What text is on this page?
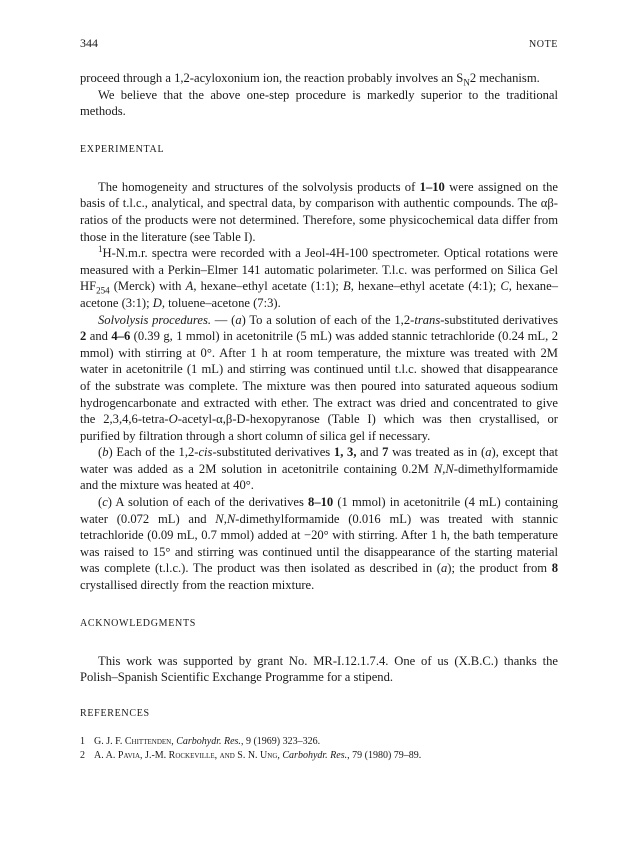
344	NOTE

proceed through a 1,2-acyloxonium ion, the reaction probably involves an $S_N2$ mechanism.

We believe that the above one-step procedure is markedly superior to the traditional methods.

EXPERIMENTAL

The homogeneity and structures of the solvolysis products of 1–10 were assigned on the basis of t.l.c., analytical, and spectral data, by comparison with authentic compounds. The αβ-ratios of the products were not determined. Therefore, some physicochemical data differ from those in the literature (see Table I).

$^1$H-N.m.r. spectra were recorded with a Jeol-4H-100 spectrometer. Optical rotations were measured with a Perkin–Elmer 141 automatic polarimeter. T.l.c. was performed on Silica Gel $HF_{254}$ (Merck) with A, hexane–ethyl acetate (1:1); B, hexane–ethyl acetate (4:1); C, hexane–acetone (3:1); D, toluene–acetone (7:3).

Solvolysis procedures. — (a) To a solution of each of the 1,2-trans-substituted derivatives 2 and 4–6 (0.39 g, 1 mmol) in acetonitrile (5 mL) was added stannic tetrachloride (0.24 mL, 2 mmol) with stirring at 0°. After 1 h at room temperature, the mixture was treated with 2M water in acetonitrile (1 mL) and stirring was continued until t.l.c. showed that disappearance of the substrate was complete. The mixture was then poured into saturated aqueous sodium hydrogencarbonate and extracted with ether. The extract was dried and concentrated to give the 2,3,4,6-tetra-O-acetyl-α,β-D-hexopyranose (Table I) which was then crystallised, or purified by filtration through a short column of silica gel if necessary.

(b) Each of the 1,2-cis-substituted derivatives 1, 3, and 7 was treated as in (a), except that water was added as a 2M solution in acetonitrile containing 0.2M N,N-dimethylformamide and the mixture was heated at 40°.

(c) A solution of each of the derivatives 8–10 (1 mmol) in acetonitrile (4 mL) containing water (0.072 mL) and N,N-dimethylformamide (0.016 mL) was treated with stannic tetrachloride (0.09 mL, 0.7 mmol) added at −20° with stirring. After 1 h, the bath temperature was raised to 15° and stirring was continued until the disappearance of the starting material was complete (t.l.c.). The product was then isolated as described in (a); the product from 8 crystallised directly from the reaction mixture.

ACKNOWLEDGMENTS

This work was supported by grant No. MR-I.12.1.7.4. One of us (X.B.C.) thanks the Polish–Spanish Scientific Exchange Programme for a stipend.

REFERENCES
1 G. J. F. Chittenden, Carbohydr. Res., 9 (1969) 323–326.
2 A. A. Pavia, J.-M. Rockeville, and S. N. Ung, Carbohydr. Res., 79 (1980) 79–89.
